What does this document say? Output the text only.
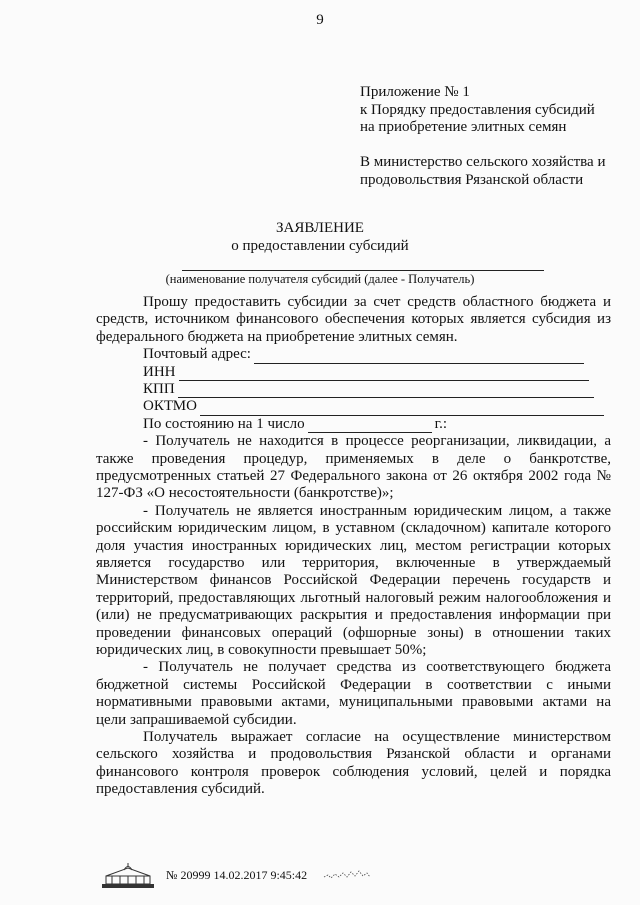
9
Приложение № 1
к Порядку предоставления субсидий
на приобретение элитных семян
В министерство сельского хозяйства и
продовольствия Рязанской области
ЗАЯВЛЕНИЕ
о предоставлении субсидий
(наименование получателя субсидий (далее - Получатель)

Прошу предоставить субсидии за счет средств областного бюджета и средств, источником финансового обеспечения которых является субсидия из федерального бюджета на приобретение элитных семян.

Почтовый адрес:
ИНН
КПП
ОКТМО
По состоянию на 1 число	г.:

- Получатель не находится в процессе реорганизации, ликвидации, а также проведения процедур, применяемых в деле о банкротстве, предусмотренных статьей 27 Федерального закона от 26 октября 2002 года № 127-ФЗ «О несостоятельности (банкротстве)»;

- Получатель не является иностранным юридическим лицом, а также российским юридическим лицом, в уставном (складочном) капитале которого доля участия иностранных юридических лиц, местом регистрации которых является государство или территория, включенные в утверждаемый Министерством финансов Российской Федерации перечень государств и территорий, предоставляющих льготный налоговый режим налогообложения и (или) не предусматривающих раскрытия и предоставления информации при проведении финансовых операций (офшорные зоны) в отношении таких юридических лиц, в совокупности превышает 50%;

- Получатель не получает средства из соответствующего бюджета бюджетной системы Российской Федерации в соответствии с иными нормативными правовыми актами, муниципальными правовыми актами на цели запрашиваемой субсидии.

Получатель выражает согласие на осуществление министерством сельского хозяйства и продовольствия Рязанской области и органами финансового контроля проверок соблюдения условий, целей и порядка предоставления субсидий.

№ 20999 14.02.2017 9:45:42
